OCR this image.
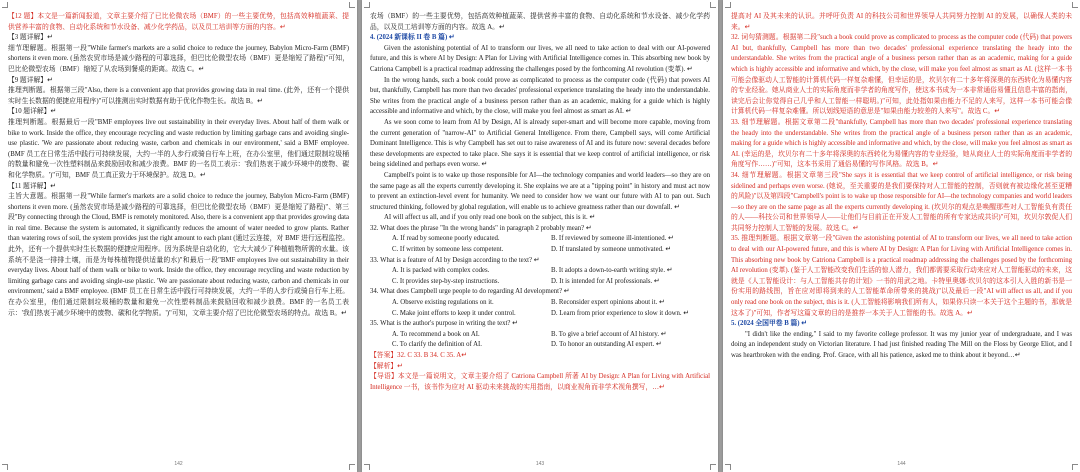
【12 题】本文是一篇新闻报道，文章主要介绍了已比伦微农场（BMF）的一些主要优势，包括高效种植蔬菜、提供营养丰富的食物、自动化系统和节水设备、减少化学药品，以及员工培训等方面的内容。↵

【3 题详解】↵

细节理解题。根据第一段"While farmer's markets are a solid choice to reduce the journey, Babylon Micro-Farm (BMF) shortens it even more. (虽然农贸市场是减少路程的可靠选择，但巴比伦微型农场（BMF）更是缩短了路程)"可知，巴比伦微型农场（BMF）缩短了从农场到餐桌的距离。故选 C。↵

【9 题详解】↵

推理判断题。根据第三段"Also, there is a convenient app that provides growing data in real time. (此外，还有一个提供实时生长数据的便捷应用程序)"可以推测出实时数据有助于优化作物生长。故选 B。↵

【10 题详解】↵

推理判断题。根据最后一段"BMF employees live out sustainability in their everyday lives. About half of them walk or bike to work. Inside the office, they encourage recycling and waste reduction by limiting garbage cans and avoiding single-use plastic. 'We are passionate about reducing waste, carbon and chemicals in our environment,' said a BMF employee. (BMF 员工在日常生活中践行可持续发展，大约一半的人步行或骑自行车上班，在办公室里，他们通过限制垃圾桶的数量和避免一次性塑料制品来鼓励回收和减少浪费。BMF 的一名员工表示：'我们热衷于减少环境中的废物、碳和化学物质。')"可知，BMF 员工真正致力于环境保护。故选 D。↵

【11 题详解】↵

主旨大意题。根据第一段"While farmer's markets are a solid choice to reduce the journey, Babylon Micro-Farm (BMF) shortens it even more. (虽然农贸市场是减少路程的可靠选择，但巴比伦微型农场（BMF）更是缩短了路程)"、第三段"By connecting through the Cloud, BMF is remotely monitored. Also, there is a convenient app that provides growing data in real time. Because the system is automated, it significantly reduces the amount of water needed to grow plants. Rather than watering rows of soil, the system provides just the right amount to each plant (通过云连接，对 BMF 进行远程监控。此外，还有一个提供实时生长数据的便捷应用程序。因为系统是自动化的，它大大减少了种植植物所需的水量。该系统不是浇一排排土壤，而是为每株植物提供适量的水)"和最后一段"BMF employees live out sustainability in their everyday lives. About half of them walk or bike to work. Inside the office, they encourage recycling and waste reduction by limiting garbage cans and avoiding single-use plastic. 'We are passionate about reducing waste, carbon and chemicals in our environment,' said a BMF employee. (BMF 员工在日常生活中践行可持续发展，大约一半的人步行或骑自行车上班。在办公室里，他们通过限制垃圾桶的数量和避免一次性塑料制品来鼓励回收和减少浪费。BMF 的一名员工表示：'我们热衷于减少环境中的废物、碳和化学物质。')"可知，文章主要介绍了巴比伦微型农场的特点。故选 B。↵

142

农场（BMF）的一些主要优势，包括高效种植蔬菜、提供营养丰富的食物、自动化系统和节水设备、减少化学药品，以及员工培训等方面的内容。故选 A。↵

4. (2024 新课标 II 卷 B 篇) ↵

Given the astonishing potential of AI to transform our lives, we all need to take action to deal with our AI-powered future, and this is where AI by Design: A Plan for Living with Artificial Intelligence comes in. This absorbing new book by Catriona Campbell is a practical roadmap addressing the challenges posed by the forthcoming AI revolution (变革). ↵

In the wrong hands, such a book could prove as complicated to process as the computer code (代码) that powers AI but, thankfully, Campbell has more than two decades' professional experience translating the heady into the understandable. She writes from the practical angle of a business person rather than as an academic, making for a guide which is highly accessible and informative and which, by the close, will make you feel almost as smart as AI. ↵

As we soon come to learn from AI by Design, AI is already super-smart and will become more capable, moving from the current generation of "narrow-AI" to Artificial General Intelligence. From there, Campbell says, will come Artificial Dominant Intelligence. This is why Campbell has set out to raise awareness of AI and its future now: several decades before these developments are expected to take place. She says it is essential that we keep control of artificial intelligence, or risk being sidelined and perhaps even worse. ↵

Campbell's point is to wake up those responsible for AI—the technology companies and world leaders—so they are on the same page as all the experts currently developing it. She explains we are at a "tipping point" in history and must act now to prevent an extinction-level event for humanity. We need to consider how we want our future with AI to pan out. Such structured thinking, followed by global regulation, will enable us to achieve greatness rather than our downfall. ↵

AI will affect us all, and if you only read one book on the subject, this is it. ↵

32. What does the phrase "In the wrong hands" in paragraph 2 probably mean? ↵

A. If read by someone poorly educated.	B. If reviewed by someone ill-intentioned. ↵
C. If written by someone less competent.	D. If translated by someone unmotivated. ↵

33. What is a feature of AI by Design according to the text? ↵

A. It is packed with complex codes.	B. It adopts a down-to-earth writing style. ↵
C. It provides step-by-step instructions.	D. It is intended for AI professionals. ↵

34. What does Campbell urge people to do regarding AI development? ↵

A. Observe existing regulations on it.	B. Reconsider expert opinions about it. ↵
C. Make joint efforts to keep it under control.	D. Learn from prior experience to slow it down. ↵

35. What is the author's purpose in writing the text? ↵

A. To recommend a book on AI.	B. To give a brief account of AI history. ↵
C. To clarify the definition of AI.	D. To honor an outstanding AI expert. ↵

【答案】32. C 33. B 34. C 35. A↵

【解析】↵

【导语】本文是一篇说明文，文章主要介绍了 Catriona Campbell 所著 AI by Design: A Plan for Living with Artificial Intelligence 一书，该书作为应对 AI 驱动未来挑战的实用指南，以商业视角而非学术视角撰写，…↵

143

提高对 AI 及其未来的认识。并呼吁负责 AI 的科技公司和世界领导人共同努力控制 AI 的发展，以确保人类的未来。↵

32. 词句猜测题。根据第二段"such a book could prove as complicated to process as the computer code (代码) that powers AI but, thankfully, Campbell has more than two decades' professional experience translating the heady into the understandable. She writes from the practical angle of a business person rather than as an academic, making for a guide which is highly accessible and informative and which, by the close, will make you feel almost as smart as AI. (这样一本书可能会像驱动人工智能的计算机代码一样复杂难懂，但幸运的是，坎贝尔有二十多年将深奥的东西转化为易懂内容的专业经验。她从商业人士的实际角度而非学者的角度写作，使这本书成为一本非常通俗易懂且信息丰富的指南，读完后会让你觉得自己几乎和人工智能一样聪明。)"可知，此处指如果由能力不足的人来写，这样一本书可能会像计算机代码一样复杂难懂。所以划线短语的意思是"如果由能力较差的人来写"。故选 C。↵

33. 细节理解题。根据文章第二段"thankfully, Campbell has more than two decades' professional experience translating the heady into the understandable. She writes from the practical angle of a business person rather than as an academic, making for a guide which is highly accessible and informative and which, by the close, will make you feel almost as smart as AI. (幸运的是，坎贝尔有二十多年将深奥的东西转化为易懂内容的专业经验，她从商业人士的实际角度而非学者的角度写作……)"可知，这本书采用了通俗易懂的写作风格。故选 B。↵

34. 细节理解题。根据文章第三段"She says it is essential that we keep control of artificial intelligence, or risk being sidelined and perhaps even worse. (她说，至关重要的是我们要保持对人工智能的控制，否则就有被边缘化甚至更糟的风险)"以及第四段"Campbell's point is to wake up those responsible for AI—the technology companies and world leaders—so they are on the same page as all the experts currently developing it. (坎贝尔的观点是唤醒那些对人工智能负有责任的人——科技公司和世界领导人——让他们与目前正在开发人工智能的所有专家达成共识)"可知，坎贝尔敦促人们共同努力控制人工智能的发展。故选 C。↵

35. 推理判断题。根据文章第一段"Given the astonishing potential of AI to transform our lives, we all need to take action to deal with our AI-powered future, and this is where AI by Design: A Plan for Living with Artificial Intelligence comes in. This absorbing new book by Catriona Campbell is a practical roadmap addressing the challenges posed by the forthcoming AI revolution (变革). (鉴于人工智能改变我们生活的惊人潜力，我们都需要采取行动来应对人工智能驱动的未来，这就是《人工智能设计：与人工智能共存的计划》一书的用武之地。卡特里奥娜·坎贝尔的这本引人入胜的新书是一份实用的路线图，旨在应对即将到来的人工智能革命所带来的挑战)"以及最后一段"AI will affect us all, and if you only read one book on the subject, this is it. (人工智能将影响我们所有人，如果你只读一本关于这个主题的书，那就是这本了)"可知，作者写这篇文章的目的是推荐一本关于人工智能的书。故选 A。↵

5. (2024 全国甲卷 B 篇) ↵

"I didn't like the ending," I said to my favorite college professor. It was my junior year of undergraduate, and I was doing an independent study on Victorian literature. I had just finished reading The Mill on the Floss by George Eliot, and I was heartbroken with the ending. Prof. Grace, with all his patience, asked me to think about it beyond…↵

144
